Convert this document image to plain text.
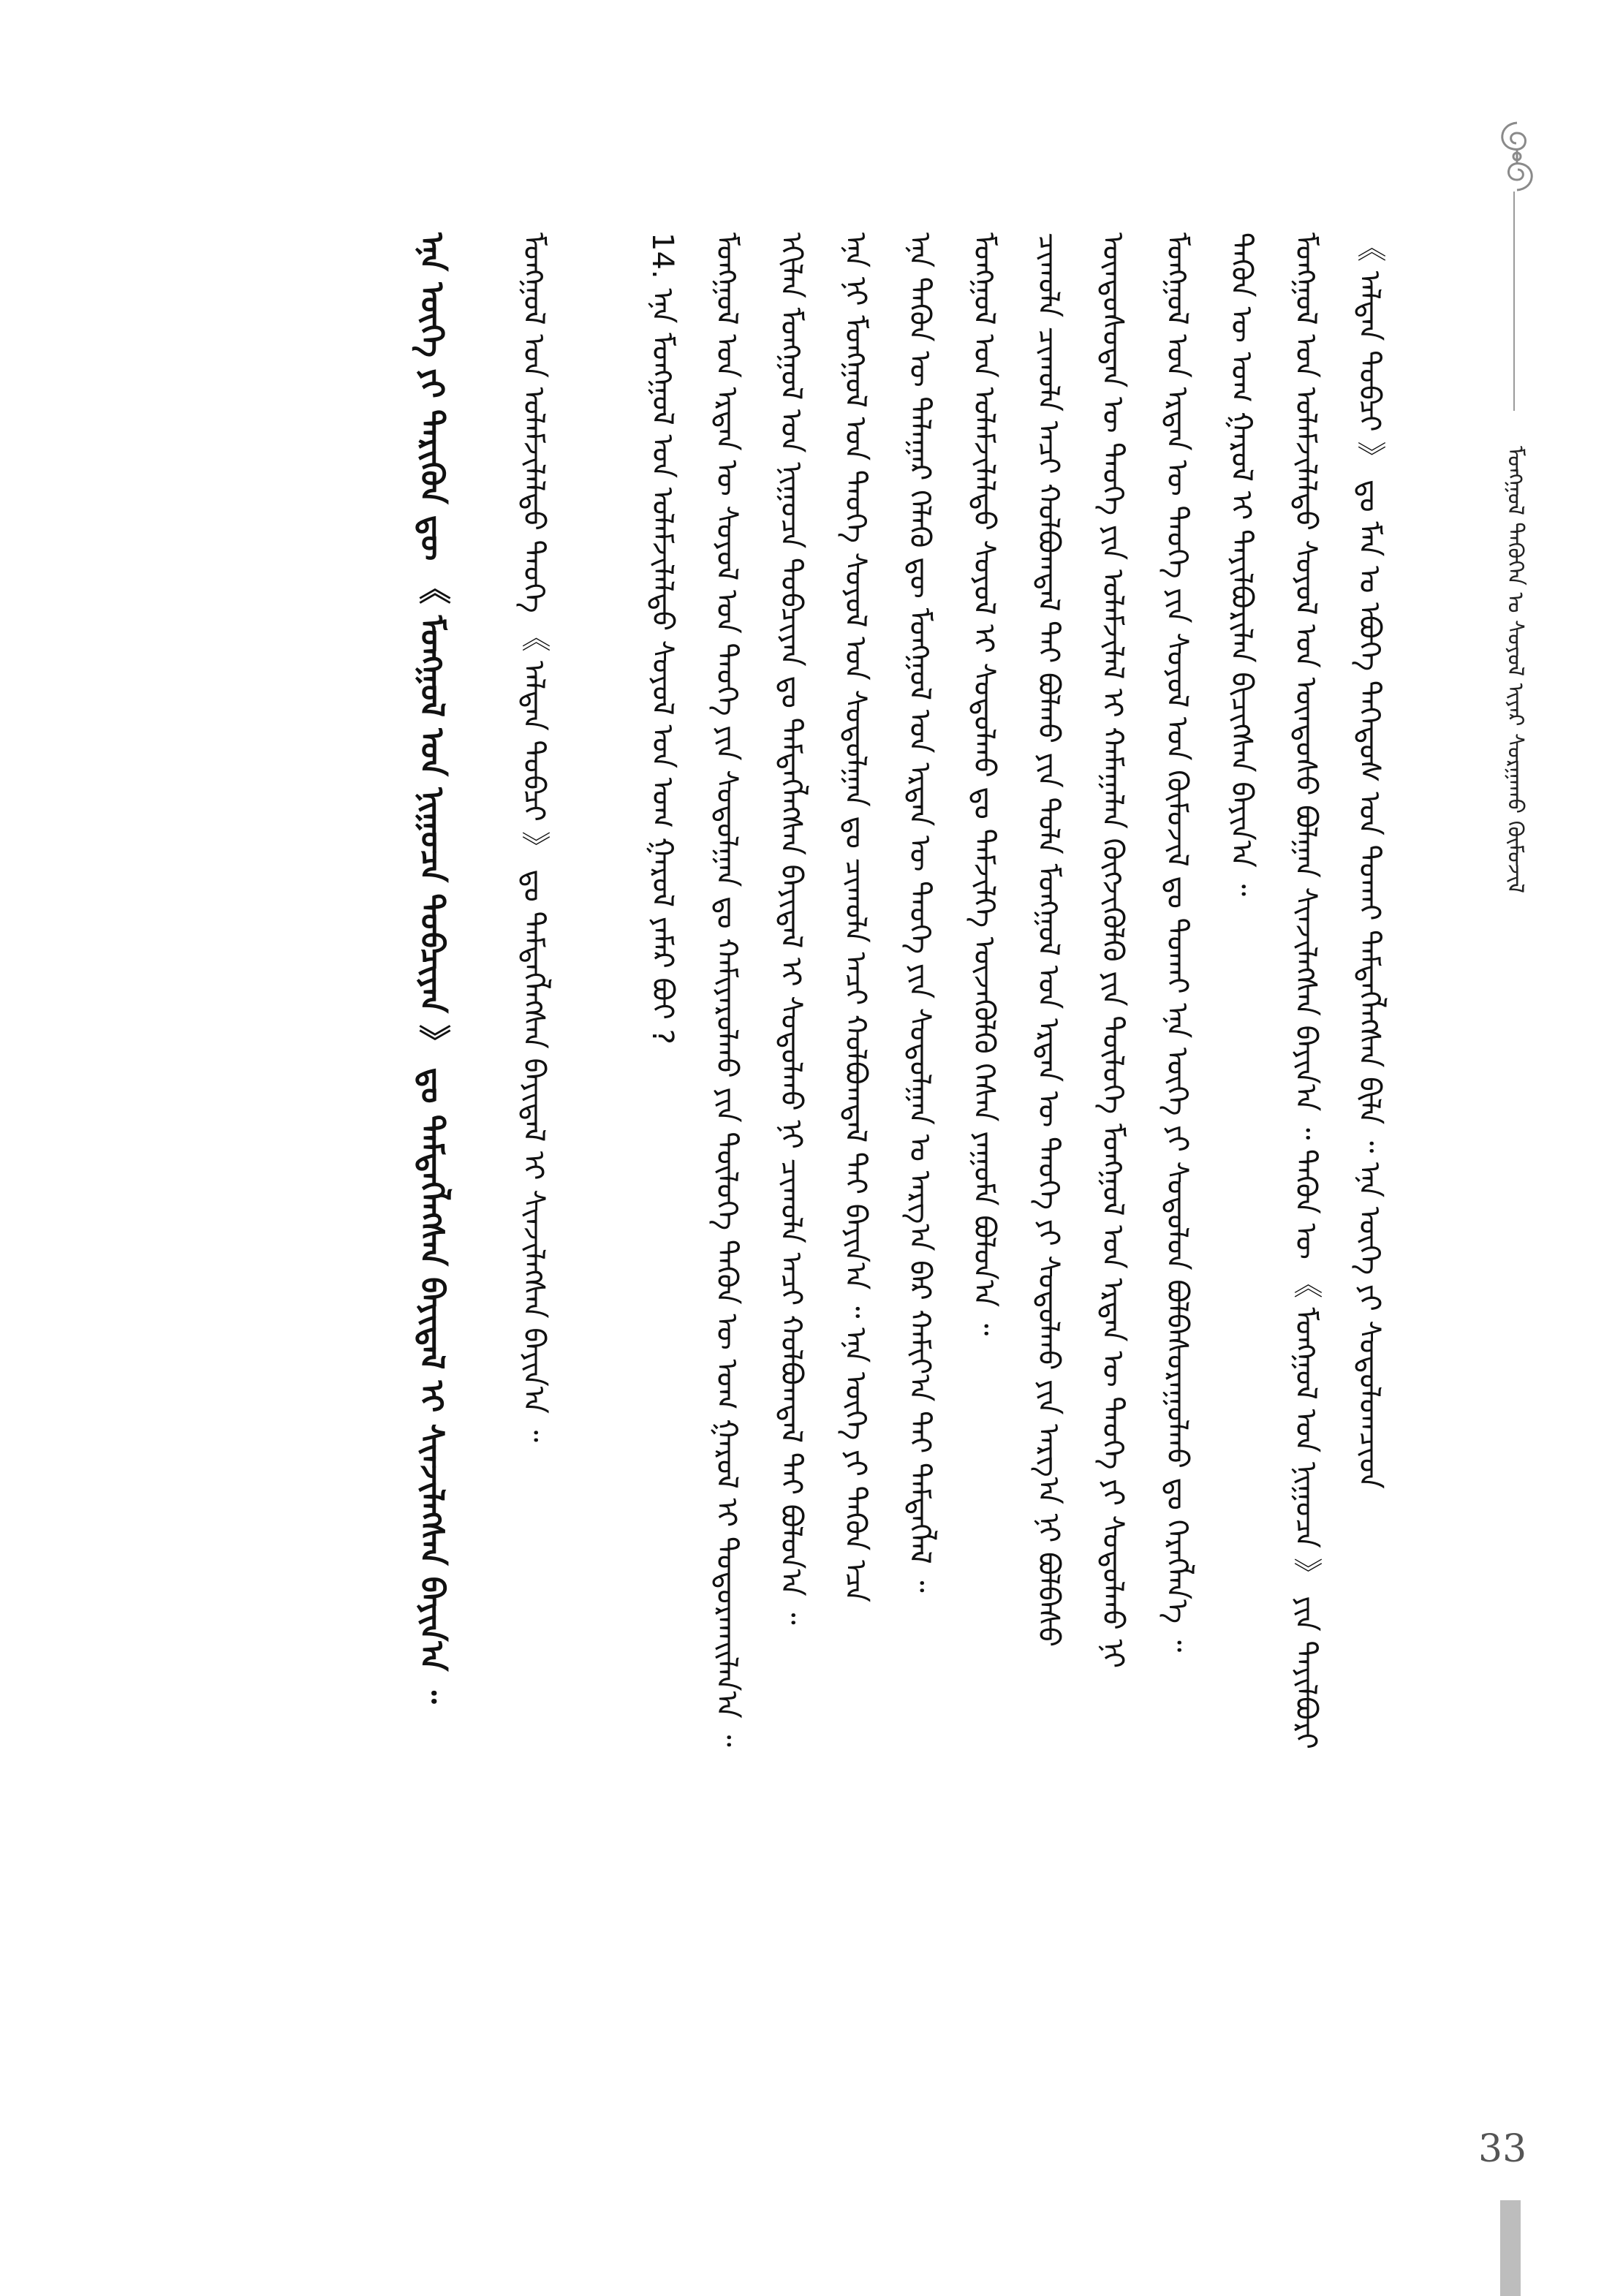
ᠮᠣᠩᠭᠣᠯ ᠲᠡᠭᠦᠬᠡᠨ ᠤ ᠰᠣᠶᠣᠯ ᠢᠶᠠᠷ ᠰᠣᠷᠭᠠᠬᠤ ᠬᠦᠮᠦᠵᠢᠯ
《 ᠠᠯᠲᠠᠨ ᠲᠣᠪᠴᠢ 》 ᠳᠤ ᠮᠠᠨ ᠤ ᠡᠪᠦᠭᠡ ᠳᠡᠭᠡᠳᠥᠰ ᠤᠨ ᠲᠤᠬᠠᠢ ᠲᠡᠮᠳᠡᠭᠯᠡᠭᠰᠡᠨ ᠪᠢᠯᠡ ᠃ ᠡᠨᠡ ᠦᠭᠡ ᠶᠢ ᠰᠤᠳᠤᠯᠤᠭᠴᠢᠳ
ᠮᠣᠩᠭᠣᠯ ᠤᠨ ᠤᠯᠠᠮᠵᠢᠯᠠᠯᠲᠤ ᠰᠣᠶᠣᠯ ᠤᠨ ᠦᠨᠳᠦᠰᠦ ᠪᠣᠯᠭᠠᠨ ᠰᠢᠨᠵᠢᠯᠡᠭᠰᠡᠨ ᠪᠠᠶᠢᠨ᠎ᠠ ᠃ ᠲᠡᠭᠦᠨ ᠦ 《 ᠮᠣᠩᠭᠣᠯ ᠤᠨ ᠨᠢᠭᠤᠴᠠ 》 ᠶᠢᠨ ᠲᠠᠶᠢᠯᠪᠤᠷᠢ
ᠲᠡᠭᠦᠨ ᠦ ᠤᠭ ᠭᠠᠷᠤᠯ ᠢ ᠲᠠᠶᠢᠯᠪᠤᠷᠢᠯᠠᠨ ᠪᠢᠴᠢᠭᠰᠡᠨ ᠪᠠᠶᠢᠨ᠎ᠠ ᠃
ᠮᠣᠩᠭᠣᠯ ᠤᠨ ᠡᠷᠲᠡᠨ ᠦ ᠲᠡᠦᠬᠡ ᠶᠢᠨ ᠰᠣᠶᠣᠯ ᠤᠨ ᠬᠦᠮᠦᠵᠢᠯ ᠳᠤ ᠲᠤᠬᠠᠢ ᠡᠨᠡ ᠦᠭᠡ ᠶᠢ ᠰᠣᠳᠤᠯᠤᠨ ᠪᠣᠯᠪᠠᠰᠤᠷᠠᠭᠤᠯᠬᠤ ᠳᠤ ᠬᠡᠷᠡᠭᠯᠡᠨ᠎ᠡ ᠃
ᠦᠨᠳᠦᠰᠦᠲᠡᠨ ᠦ ᠲᠡᠦᠬᠡ ᠶᠢᠨ ᠤᠯᠠᠮᠵᠢᠯᠠᠯ ᠢ ᠬᠠᠮᠠᠭᠠᠯᠠᠨ ᠬᠥᠭᠵᠢᠭᠦᠯᠬᠦ ᠶᠢᠨ ᠲᠥᠯᠥᠭᠡ ᠮᠣᠩᠭᠣᠯ ᠤᠨ ᠡᠷᠲᠡᠨ ᠦ ᠲᠡᠦᠬᠡ ᠶᠢ ᠰᠤᠳᠤᠯᠬᠤ ᠨᠢ
ᠴᠢᠬᠤᠯᠠ ᠴᠢᠬᠤᠯᠠ ᠠᠴᠢ ᠬᠣᠯᠪᠣᠭᠳᠠᠯ ᠲᠠᠢ ᠪᠣᠯᠬᠤ ᠶᠢᠨ ᠲᠤᠯᠠ ᠮᠣᠩᠭᠣᠯ ᠤᠨ ᠡᠷᠲᠡᠨ ᠦ ᠲᠡᠦᠬᠡ ᠶᠢ ᠰᠤᠳᠤᠯᠬᠤ ᠶᠢᠨ ᠠᠷᠭ᠎ᠠ ᠨᠢ ᠪᠣᠯᠪᠠᠰᠤ
ᠮᠣᠩᠭᠣᠯ ᠤᠨ ᠤᠯᠠᠮᠵᠢᠯᠠᠯᠲᠤ ᠰᠣᠶᠣᠯ ᠢ ᠰᠤᠳᠤᠯᠬᠤ ᠳᠤ ᠳᠡᠮᠵᠢᠯᠭᠡ ᠦᠵᠡᠭᠦᠯᠬᠦ ᠭᠡᠰᠡᠨ ᠶᠠᠭᠤᠮᠠ ᠪᠣᠯᠤᠨ᠎ᠠ ᠃
ᠡᠨᠡ ᠲᠡᠭᠦᠨ ᠦ ᠲᠠᠯᠠᠭᠠᠷ ᠬᠡᠯᠡᠬᠦ ᠳᠦ ᠮᠣᠩᠭᠣᠯ ᠤᠨ ᠡᠷᠲᠡᠨ ᠦ ᠲᠡᠦᠬᠡ ᠶᠢᠨ ᠰᠤᠳᠤᠯᠭᠠᠨ ᠤ ᠠᠷᠭ᠎ᠠ ᠪᠠᠷ ᠬᠠᠮᠢᠶ᠎ᠠ ᠲᠠᠢ ᠲᠡᠮᠳᠡᠭᠯᠡᠯ ᠃
ᠡᠨᠡ ᠨᠢ ᠮᠣᠩᠭᠣᠯ ᠤᠨ ᠲᠡᠦᠬᠡ ᠰᠣᠶᠣᠯ ᠤᠨ ᠰᠤᠳᠤᠯᠭᠠᠨ ᠳᠤ ᠴᠢᠬᠤᠯᠠ ᠠᠴᠢ ᠬᠣᠯᠪᠣᠭᠳᠠᠯ ᠲᠠᠢ ᠪᠠᠶᠢᠨ᠎ᠠ ᠃ ᠡᠨᠡ ᠦᠭᠡ ᠶᠢ ᠲᠡᠭᠦᠨ ᠡᠴᠡ
ᠡᠬᠢᠯᠡᠨ ᠮᠣᠩᠭᠣᠯ ᠤᠨ ᠨᠢᠭᠤᠴᠠ ᠲᠣᠪᠴᠢᠶᠠᠨ ᠳᠤ ᠲᠡᠮᠳᠡᠭᠯᠡᠭᠰᠡᠨ ᠪᠠᠶᠢᠳᠠᠯ ᠢ ᠰᠤᠳᠤᠯᠬᠤ ᠨᠢ ᠴᠢᠬᠤᠯᠠ ᠠᠴᠢ ᠬᠣᠯᠪᠣᠭᠳᠠᠯ ᠲᠠᠢ ᠪᠣᠯᠤᠨ᠎ᠠ ᠃
ᠮᠣᠩᠭᠣᠯ ᠤᠨ ᠡᠷᠲᠡᠨ ᠦ ᠰᠣᠶᠣᠯ ᠤᠨ ᠲᠡᠦᠬᠡ ᠶᠢᠨ ᠰᠤᠳᠤᠯᠭᠠᠨ ᠳᠤ ᠬᠠᠮᠢᠶᠠᠷᠤᠯᠬᠤ ᠶᠢᠨ ᠲᠥᠯᠥᠭᠡ ᠲᠡᠭᠦᠨ ᠦ ᠤᠭ ᠭᠠᠷᠤᠯ ᠢ ᠲᠣᠳᠤᠷᠬᠠᠢᠯᠠᠨ᠎ᠠ ᠃
14. ᠡᠨᠡ ᠮᠣᠩᠭᠣᠯ ᠤᠨ ᠤᠯᠠᠮᠵᠢᠯᠠᠯᠲᠤ ᠰᠣᠶᠣᠯ ᠤᠨ ᠤᠭ ᠭᠠᠷᠤᠯ ᠶᠠᠮᠠᠷ ᠪᠣᠢ ?
ᠮᠣᠩᠭᠣᠯ ᠤᠨ ᠤᠯᠠᠮᠵᠢᠯᠠᠯᠲᠤ ᠲᠡᠦᠬᠡ 《 ᠠᠯᠲᠠᠨ ᠲᠣᠪᠴᠢ 》 ᠳᠤ ᠲᠡᠮᠳᠡᠭᠯᠡᠭᠰᠡᠨ ᠪᠠᠶᠢᠳᠠᠯ ᠢ ᠰᠢᠨᠵᠢᠯᠡᠭᠰᠡᠨ ᠪᠠᠶᠢᠨ᠎ᠠ ᠃
ᠡᠨᠡ ᠦᠭᠡ ᠶᠢ ᠲᠡᠷᠢᠭᠦᠨ ᠳᠦ 《 ᠮᠣᠩᠭᠣᠯ ᠤᠨ ᠨᠢᠭᠤᠴᠠ ᠲᠣᠪᠴᠢᠶᠠᠨ 》 ᠳᠤ ᠲᠡᠮᠳᠡᠭᠯᠡᠭᠰᠡᠨ ᠪᠠᠶᠢᠳᠠᠯ ᠢ ᠰᠢᠨᠵᠢᠯᠡᠭᠰᠡᠨ ᠪᠠᠶᠢᠨ᠎ᠠ ᠃
33
